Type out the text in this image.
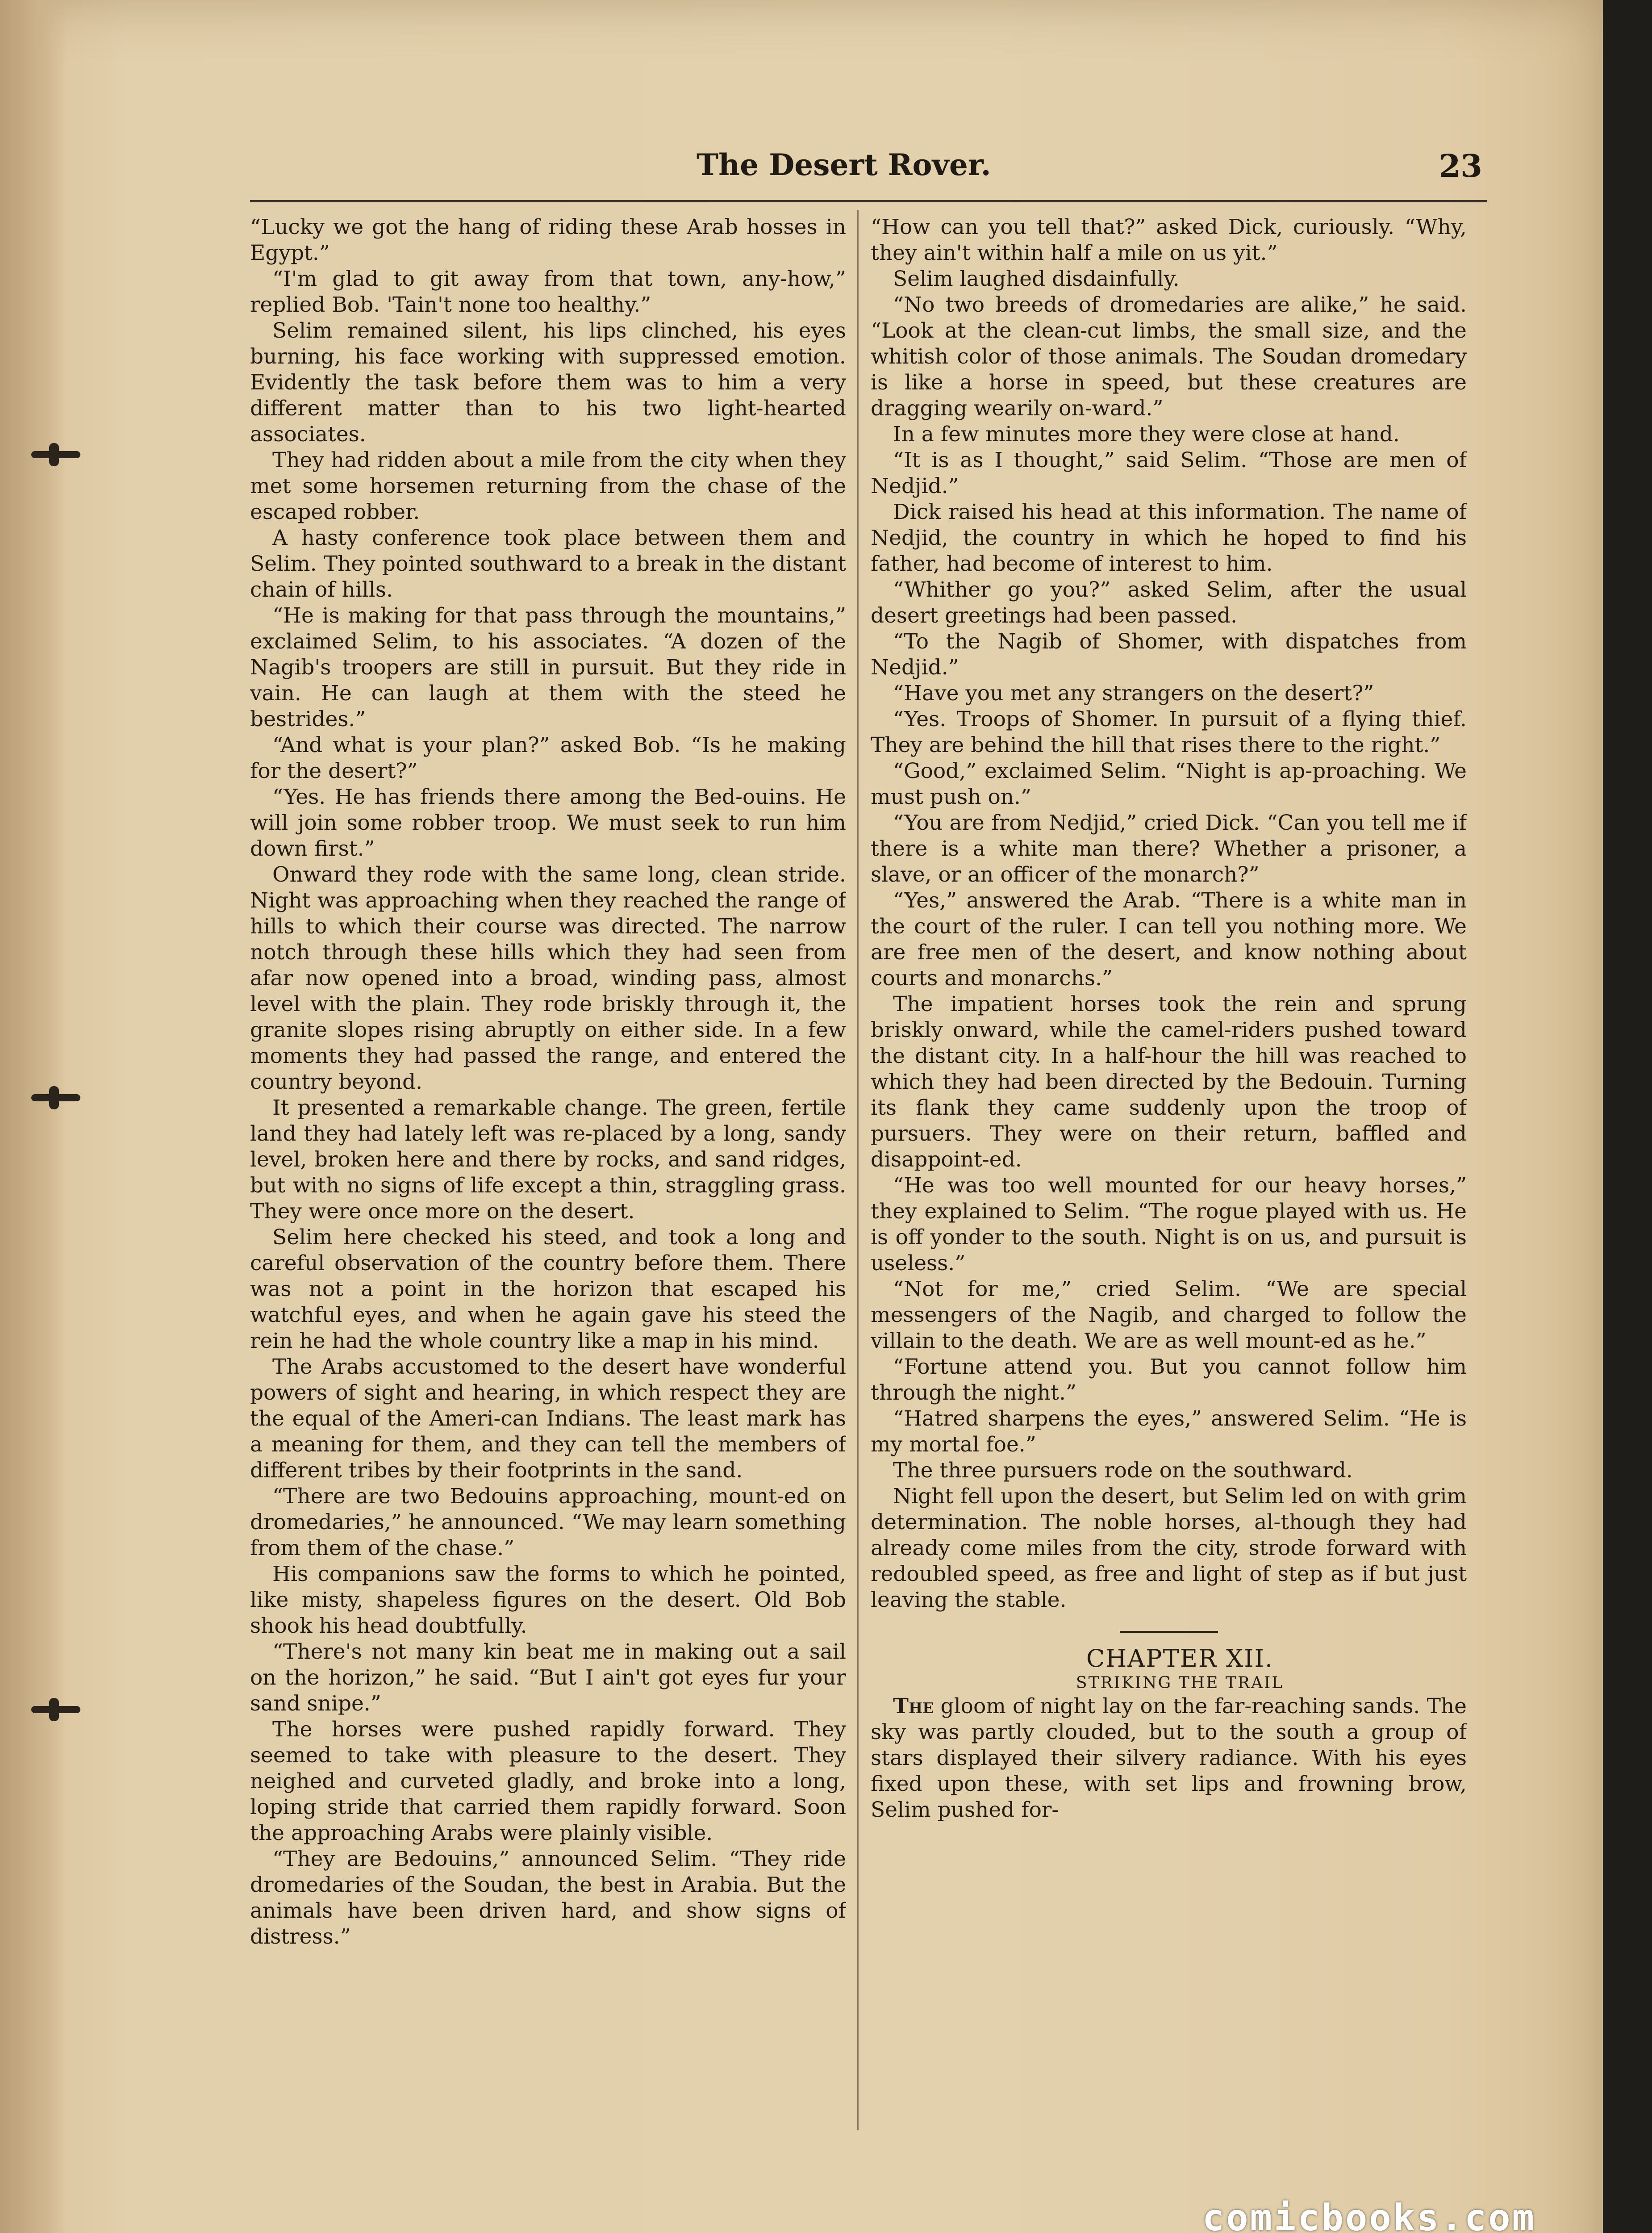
The Desert Rover.	23

“Lucky we got the hang of riding these Arab hosses in Egypt.”

“I'm glad to git away from that town, any-how,” replied Bob. 'Tain't none too healthy.”

Selim remained silent, his lips clinched, his eyes burning, his face working with suppressed emotion. Evidently the task before them was to him a very different matter than to his two light-hearted associates.

They had ridden about a mile from the city when they met some horsemen returning from the chase of the escaped robber.

A hasty conference took place between them and Selim. They pointed southward to a break in the distant chain of hills.

“He is making for that pass through the mountains,” exclaimed Selim, to his associates. “A dozen of the Nagib's troopers are still in pursuit. But they ride in vain. He can laugh at them with the steed he bestrides.”

“And what is your plan?” asked Bob. “Is he making for the desert?”

“Yes. He has friends there among the Bed-ouins. He will join some robber troop. We must seek to run him down first.”

Onward they rode with the same long, clean stride. Night was approaching when they reached the range of hills to which their course was directed. The narrow notch through these hills which they had seen from afar now opened into a broad, winding pass, almost level with the plain. They rode briskly through it, the granite slopes rising abruptly on either side. In a few moments they had passed the range, and entered the country beyond.

It presented a remarkable change. The green, fertile land they had lately left was re-placed by a long, sandy level, broken here and there by rocks, and sand ridges, but with no signs of life except a thin, straggling grass. They were once more on the desert.

Selim here checked his steed, and took a long and careful observation of the country before them. There was not a point in the horizon that escaped his watchful eyes, and when he again gave his steed the rein he had the whole country like a map in his mind.

The Arabs accustomed to the desert have wonderful powers of sight and hearing, in which respect they are the equal of the Ameri-can Indians. The least mark has a meaning for them, and they can tell the members of different tribes by their footprints in the sand.

“There are two Bedouins approaching, mount-ed on dromedaries,” he announced. “We may learn something from them of the chase.”

His companions saw the forms to which he pointed, like misty, shapeless figures on the desert. Old Bob shook his head doubtfully.

“There's not many kin beat me in making out a sail on the horizon,” he said. “But I ain't got eyes fur your sand snipe.”

The horses were pushed rapidly forward. They seemed to take with pleasure to the desert. They neighed and curveted gladly, and broke into a long, loping stride that carried them rapidly forward. Soon the approaching Arabs were plainly visible.

“They are Bedouins,” announced Selim. “They ride dromedaries of the Soudan, the best in Arabia. But the animals have been driven hard, and show signs of distress.”

“How can you tell that?” asked Dick, curiously. “Why, they ain't within half a mile on us yit.”

Selim laughed disdainfully.

“No two breeds of dromedaries are alike,” he said. “Look at the clean-cut limbs, the small size, and the whitish color of those animals. The Soudan dromedary is like a horse in speed, but these creatures are dragging wearily on-ward.”

In a few minutes more they were close at hand.

“It is as I thought,” said Selim. “Those are men of Nedjid.”

Dick raised his head at this information. The name of Nedjid, the country in which he hoped to find his father, had become of interest to him.

“Whither go you?” asked Selim, after the usual desert greetings had been passed.

“To the Nagib of Shomer, with dispatches from Nedjid.”

“Have you met any strangers on the desert?”

“Yes. Troops of Shomer. In pursuit of a flying thief. They are behind the hill that rises there to the right.”

“Good,” exclaimed Selim. “Night is ap-proaching. We must push on.”

“You are from Nedjid,” cried Dick. “Can you tell me if there is a white man there? Whether a prisoner, a slave, or an officer of the monarch?”

“Yes,” answered the Arab. “There is a white man in the court of the ruler. I can tell you nothing more. We are free men of the desert, and know nothing about courts and monarchs.”

The impatient horses took the rein and sprung briskly onward, while the camel-riders pushed toward the distant city. In a half-hour the hill was reached to which they had been directed by the Bedouin. Turning its flank they came suddenly upon the troop of pursuers. They were on their return, baffled and disappoint-ed.

“He was too well mounted for our heavy horses,” they explained to Selim. “The rogue played with us. He is off yonder to the south. Night is on us, and pursuit is useless.”

“Not for me,” cried Selim. “We are special messengers of the Nagib, and charged to follow the villain to the death. We are as well mount-ed as he.”

“Fortune attend you. But you cannot follow him through the night.”

“Hatred sharpens the eyes,” answered Selim. “He is my mortal foe.”

The three pursuers rode on the southward.

Night fell upon the desert, but Selim led on with grim determination. The noble horses, al-though they had already come miles from the city, strode forward with redoubled speed, as free and light of step as if but just leaving the stable.

CHAPTER XII.

STRIKING THE TRAIL

The gloom of night lay on the far-reaching sands. The sky was partly clouded, but to the south a group of stars displayed their silvery radiance. With his eyes fixed upon these, with set lips and frowning brow, Selim pushed for-

comicbooks.com
